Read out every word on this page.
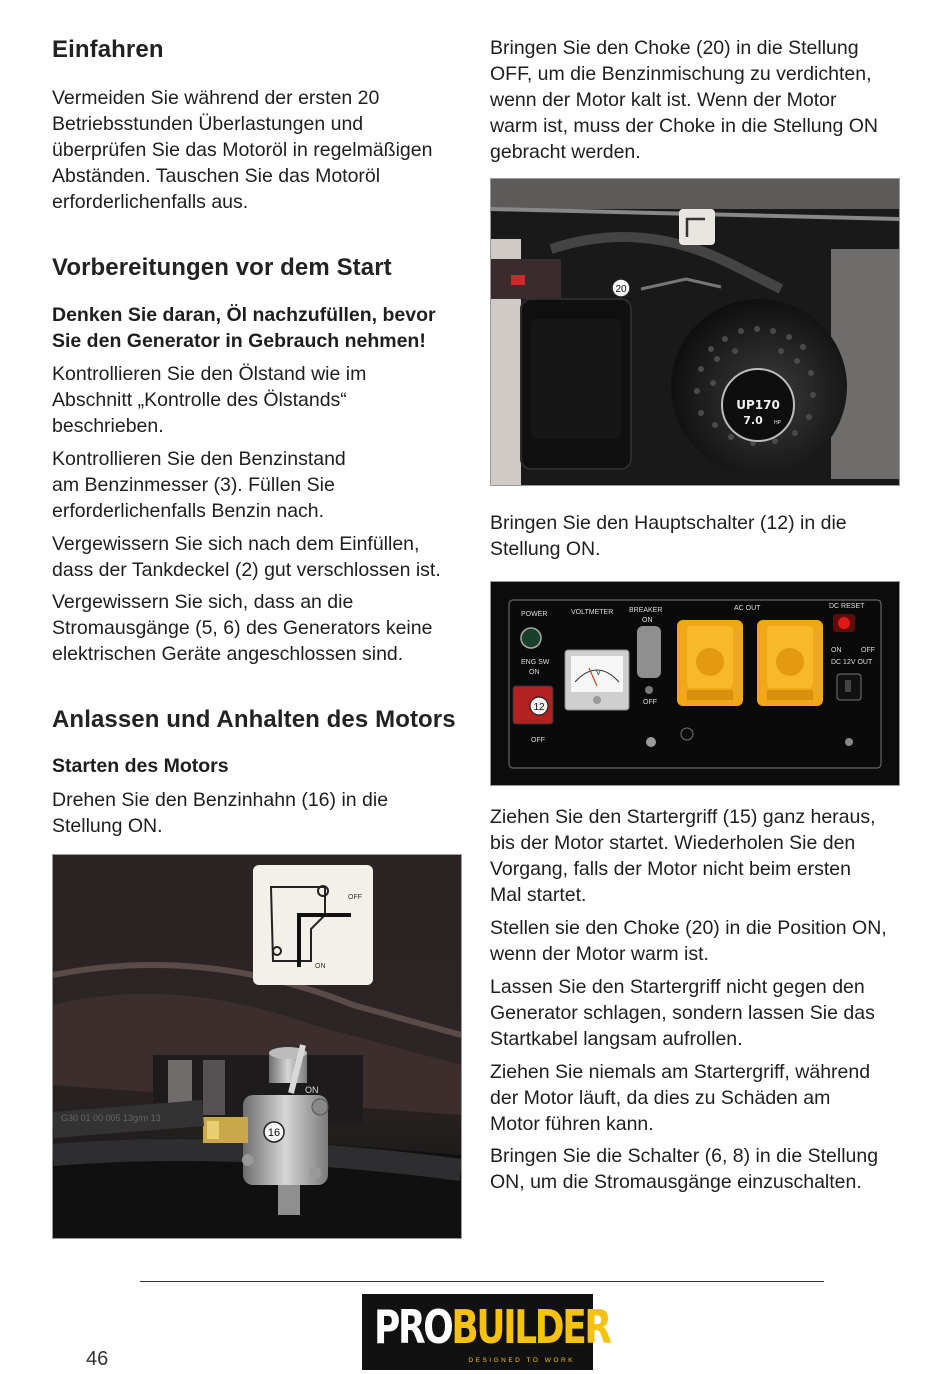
Einfahren

Vermeiden Sie während der ersten 20
Betriebsstunden Überlastungen und
überprüfen Sie das Motoröl in regelmäßigen
Abständen. Tauschen Sie das Motoröl
erforderlichenfalls aus.

Vorbereitungen vor dem Start

Denken Sie daran, Öl nachzufüllen, bevor
Sie den Generator in Gebrauch nehmen!

Kontrollieren Sie den Ölstand wie im
Abschnitt „Kontrolle des Ölstands“
beschrieben.

Kontrollieren Sie den Benzinstand
am Benzinmesser (3). Füllen Sie
erforderlichenfalls Benzin nach.

Vergewissern Sie sich nach dem Einfüllen,
dass der Tankdeckel (2) gut verschlossen ist.

Vergewissern Sie sich, dass an die
Stromausgänge (5, 6) des Generators keine
elektrischen Geräte angeschlossen sind.

Anlassen und Anhalten des Motors

Starten des Motors

Drehen Sie den Benzinhahn (16) in die
Stellung ON.

OFF
ON
G30 01 00 005 13g/m 13
ON
16

Bringen Sie den Choke (20) in die Stellung
OFF, um die Benzinmischung zu verdichten,
wenn der Motor kalt ist. Wenn der Motor
warm ist, muss der Choke in die Stellung ON
gebracht werden.

UP170
7.0 HP
20

Bringen Sie den Hauptschalter (12) in die
Stellung ON.

POWER	VOLTMETER BREAKER
ON
OFF
AC OUT	DC RESET
ON	OFF
DC 12V OUT
ENG SW
ON
OFF
12
V

Ziehen Sie den Startergriff (15) ganz heraus,
bis der Motor startet. Wiederholen Sie den
Vorgang, falls der Motor nicht beim ersten
Mal startet.

Stellen sie den Choke (20) in die Position ON,
wenn der Motor warm ist.

Lassen Sie den Startergriff nicht gegen den
Generator schlagen, sondern lassen Sie das
Startkabel langsam aufrollen.

Ziehen Sie niemals am Startergriff, während
der Motor läuft, da dies zu Schäden am
Motor führen kann.

Bringen Sie die Schalter (6, 8) in die Stellung
ON, um die Stromausgänge einzuschalten.

46
PROBUILDER
DESIGNED TO WORK
